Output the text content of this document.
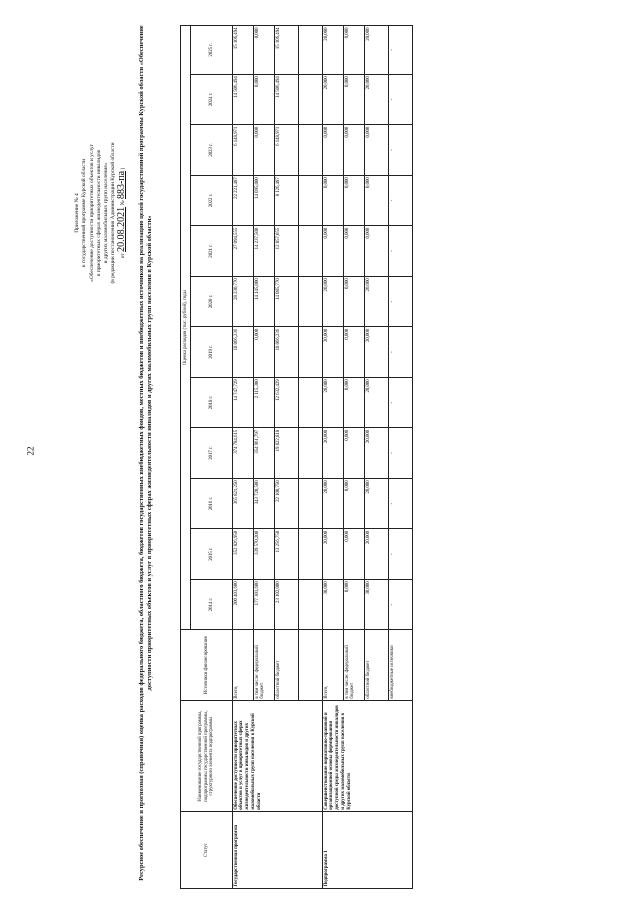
22
Приложение № 4 к государственной программе Курской области «Обеспечение доступности приоритетных объектов и услуг в приоритетных сферах жизнедеятельности инвалидов и других маломобильных групп населения» (в редакции постановления Администрации Курской области от 20.08.2021 № 883-па ) Ресурсное обеспечение и прогнозная (справочная) оценка расходов федерального бюджета, областного бюджета, бюджетов государственных внебюджетных фондов, местных бюджетов и внебюджетных источников на реализацию целей государственной программы Курской области «Обеспечение доступности приоритетных объектов и услуг в приоритетных сферах жизнедеятельности инвалидов и других маломобильных групп населения в Курской области»
Статус	Наименование государственной программы, подпрограммы государственной программы, структурного элемента подпрограммы	Источники финансирования	Оценка расходов (тыс. рублей), годы											
			2014 г.	2015 г.	2016 г.	2017 г.	2018 г.	2019 г.	2020 г.	2021 г.	2022 г.	2023 г.	2024 г.	2025 г.
Государственная программа	Обеспечение доступности приоритетных объектов и услуг в приоритетных сферах жизнедеятельности инвалидов и других маломобильных групп населения в Курской области	Всего,	200 403,600	352 826,950	365 821,250	374 784,615	14 747,729	18 066,236	28 230,770	27 094,555	22 221,487	6 148,971	14 506,494	15 106,494
		в том числе: федеральный бюджет	177 301,600	339 570,200	343 720,500	354 961,797	2 115,300	0,000	14 145,000	14 237,500	14 095,000	0,000	0,000	0,000
		областной бюджет	23 102,000	13 256,750	22 100,750	19 822,818	12 632,429	18 066,236	14 085,770	12 857,055	8 126,487	6 148,971	14 506,494	15 106,494

Подпрограмма 1	Совершенствование нормативно-правовой и организационной основы формирования доступной среды жизнедеятельности инвалидов и других маломобильных групп населения в Курской области	Всего,	30,000	20,000	20,000	20,000	20,000	20,000	20,000	0,000	0,000	0,000	20,000	20,000
		в том числе: федеральный бюджет	0,000	0,000	0,000	0,000	0,000	0,000	0,000	0,000	0,000	0,000	0,000	0,000
		областной бюджет	30,000	20,000	20,000	20,000	20,000	20,000	20,000	0,000	0,000	0,000	20,000	20,000
		внебюджетные источники	-	-	-	-	-	-	-	-	-	-	-	-
